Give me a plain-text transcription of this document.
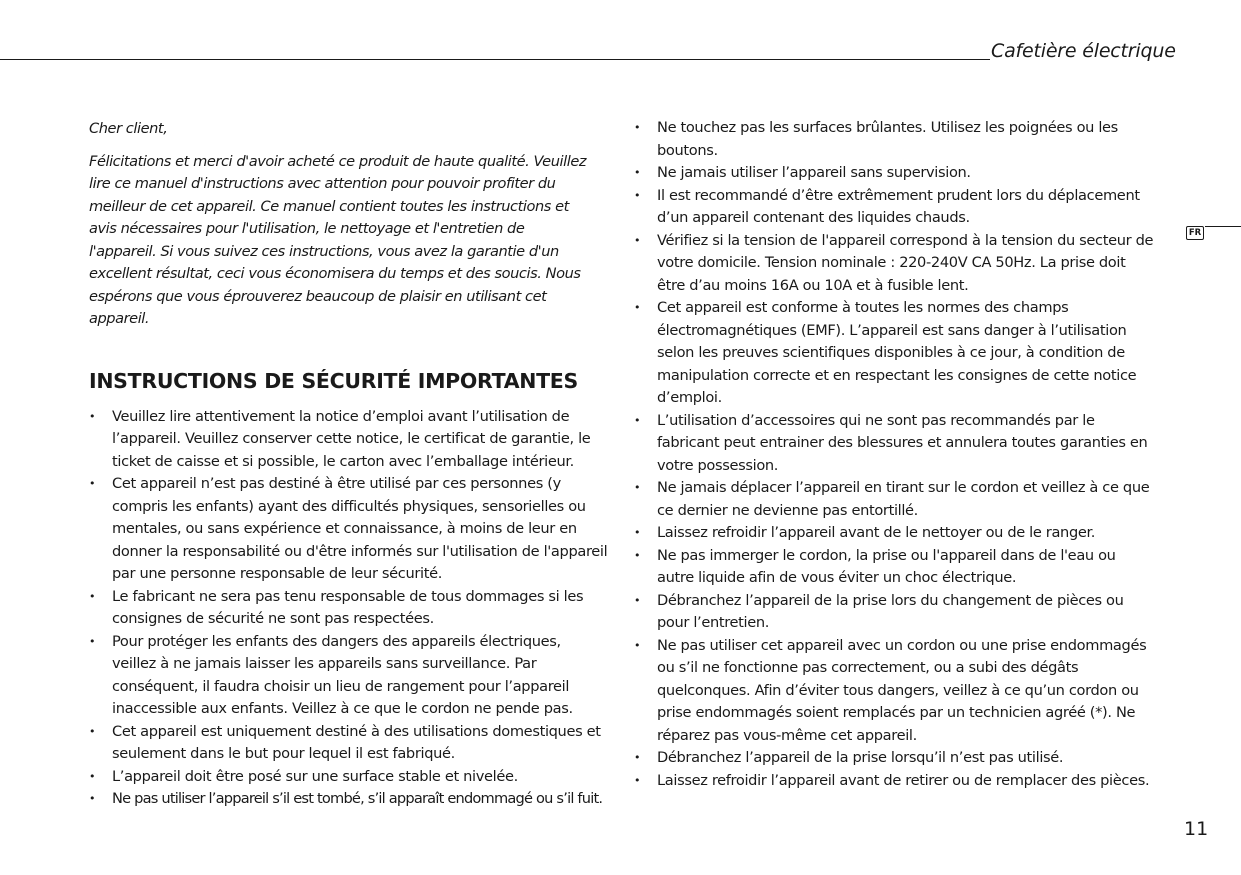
Cafetière électrique
FR

Cher client,

Félicitations et merci d'avoir acheté ce produit de haute qualité. Veuillez lire ce manuel d'instructions avec attention pour pouvoir profiter du meilleur de cet appareil. Ce manuel contient toutes les instructions et avis nécessaires pour l'utilisation, le nettoyage et l'entretien de l'appareil. Si vous suivez ces instructions, vous avez la garantie d'un excellent résultat, ceci vous économisera du temps et des soucis. Nous espérons que vous éprouverez beaucoup de plaisir en utilisant cet appareil.

INSTRUCTIONS DE SÉCURITÉ IMPORTANTES
• Veuillez lire attentivement la notice d’emploi avant l’utilisation de l’appareil. Veuillez conserver cette notice, le certificat de garantie, le ticket de caisse et si possible, le carton avec l’emballage intérieur.
• Cet appareil n’est pas destiné à être utilisé par ces personnes (y compris les enfants) ayant des difficultés physiques, sensorielles ou mentales, ou sans expérience et connaissance, à moins de leur en donner la responsabilité ou d'être informés sur l'utilisation de l'appareil par une personne responsable de leur sécurité.
• Le fabricant ne sera pas tenu responsable de tous dommages si les consignes de sécurité ne sont pas respectées.
• Pour protéger les enfants des dangers des appareils électriques, veillez à ne jamais laisser les appareils sans surveillance. Par conséquent, il faudra choisir un lieu de rangement pour l’appareil inaccessible aux enfants. Veillez à ce que le cordon ne pende pas.
• Cet appareil est uniquement destiné à des utilisations domestiques et seulement dans le but pour lequel il est fabriqué.
• L’appareil doit être posé sur une surface stable et nivelée.
• Ne pas utiliser l’appareil s’il est tombé, s’il apparaît endommagé ou s’il fuit.
• Ne touchez pas les surfaces brûlantes. Utilisez les poignées ou les boutons.
• Ne jamais utiliser l’appareil sans supervision.
• Il est recommandé d’être extrêmement prudent lors du déplacement d’un appareil contenant des liquides chauds.
• Vérifiez si la tension de l'appareil correspond à la tension du secteur de votre domicile. Tension nominale : 220-240V CA 50Hz. La prise doit être d’au moins 16A ou 10A et à fusible lent.
• Cet appareil est conforme à toutes les normes des champs électromagnétiques (EMF). L’appareil est sans danger à l’utilisation selon les preuves scientifiques disponibles à ce jour, à condition de manipulation correcte et en respectant les consignes de cette notice d’emploi.
• L’utilisation d’accessoires qui ne sont pas recommandés par le fabricant peut entrainer des blessures et annulera toutes garanties en votre possession.
• Ne jamais déplacer l’appareil en tirant sur le cordon et veillez à ce que ce dernier ne devienne pas entortillé.
• Laissez refroidir l’appareil avant de le nettoyer ou de le ranger.
• Ne pas immerger le cordon, la prise ou l'appareil dans de l'eau ou autre liquide afin de vous éviter un choc électrique.
• Débranchez l’appareil de la prise lors du changement de pièces ou pour l’entretien.
• Ne pas utiliser cet appareil avec un cordon ou une prise endommagés ou s’il ne fonctionne pas correctement, ou a subi des dégâts quelconques. Afin d’éviter tous dangers, veillez à ce qu’un cordon ou prise endommagés soient remplacés par un technicien agréé (*). Ne réparez pas vous-même cet appareil.
• Débranchez l’appareil de la prise lorsqu’il n’est pas utilisé.
• Laissez refroidir l’appareil avant de retirer ou de remplacer des pièces.
11
